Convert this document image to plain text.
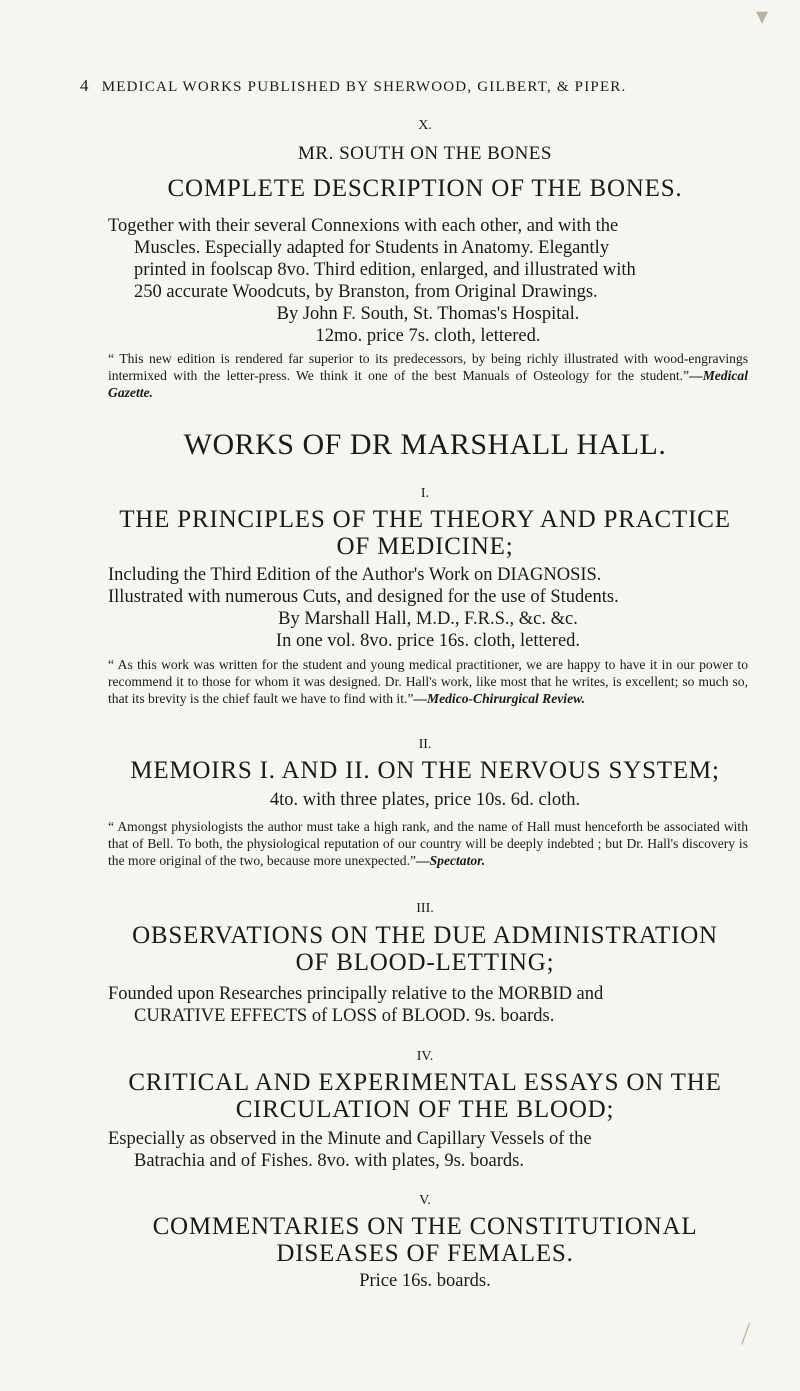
4 MEDICAL WORKS PUBLISHED BY SHERWOOD, GILBERT, & PIPER.
X.
MR. SOUTH ON THE BONES
COMPLETE DESCRIPTION OF THE BONES.
Together with their several Connexions with each other, and with the
Muscles. Especially adapted for Students in Anatomy. Elegantly
printed in foolscap 8vo. Third edition, enlarged, and illustrated with
250 accurate Woodcuts, by Branston, from Original Drawings.
By John F. South, St. Thomas's Hospital.
12mo. price 7s. cloth, lettered.
“ This new edition is rendered far superior to its predecessors, by being richly illustrated with wood-engravings intermixed with the letter-press. We think it one of the best Manuals of Osteology for the student.”—Medical Gazette.
WORKS OF DR MARSHALL HALL.
I.
THE PRINCIPLES OF THE THEORY AND PRACTICE
OF MEDICINE;
Including the Third Edition of the Author's Work on DIAGNOSIS.
Illustrated with numerous Cuts, and designed for the use of Students.
By Marshall Hall, M.D., F.R.S., &c. &c.
In one vol. 8vo. price 16s. cloth, lettered.
“ As this work was written for the student and young medical practitioner, we are happy to have it in our power to recommend it to those for whom it was designed. Dr. Hall's work, like most that he writes, is excellent; so much so, that its brevity is the chief fault we have to find with it.”—Medico-Chirurgical Review.
II.
MEMOIRS I. AND II. ON THE NERVOUS SYSTEM;
4to. with three plates, price 10s. 6d. cloth.
“ Amongst physiologists the author must take a high rank, and the name of Hall must henceforth be associated with that of Bell. To both, the physiological reputation of our country will be deeply indebted ; but Dr. Hall's discovery is the more original of the two, because more unexpected.”—Spectator.
III.
OBSERVATIONS ON THE DUE ADMINISTRATION
OF BLOOD-LETTING;
Founded upon Researches principally relative to the MORBID and
CURATIVE EFFECTS of LOSS of BLOOD. 9s. boards.
IV.
CRITICAL AND EXPERIMENTAL ESSAYS ON THE
CIRCULATION OF THE BLOOD;
Especially as observed in the Minute and Capillary Vessels of the
Batrachia and of Fishes. 8vo. with plates, 9s. boards.
V.
COMMENTARIES ON THE CONSTITUTIONAL
DISEASES OF FEMALES.
Price 16s. boards.
▾
⟋
